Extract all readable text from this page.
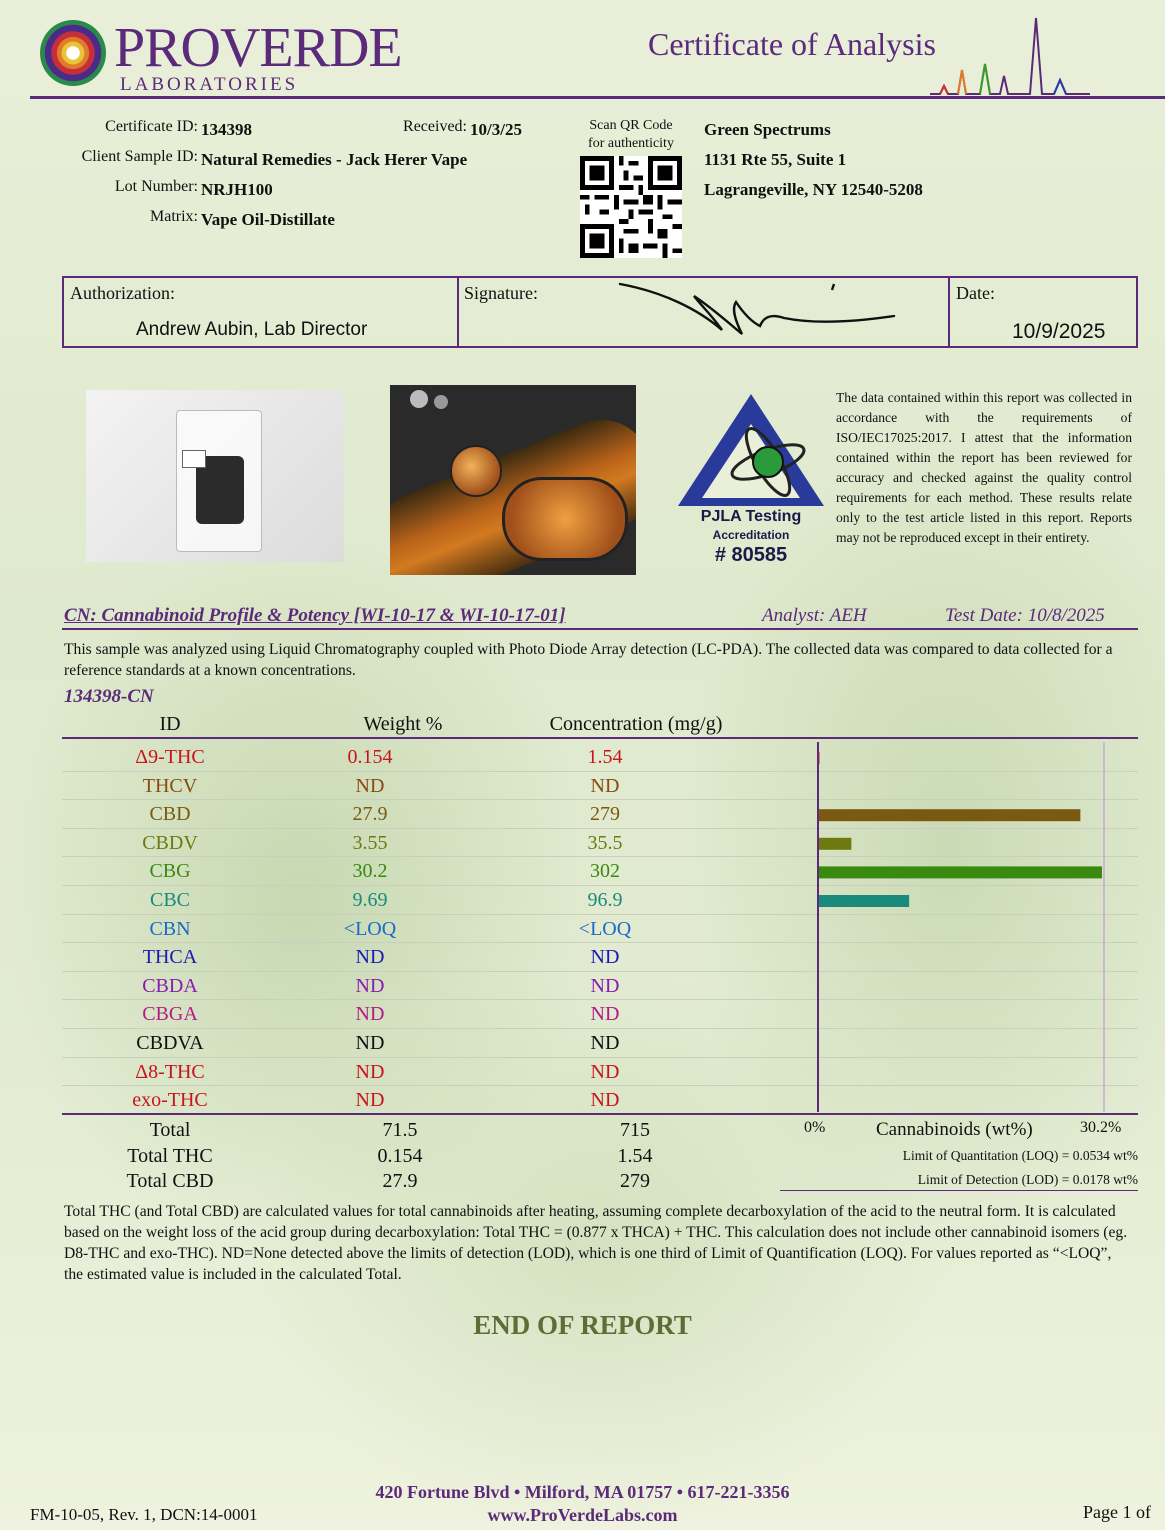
PROVERDE
LABORATORIES
Certificate of Analysis
Certificate ID: 134398	Received: 10/3/25
Client Sample ID: Natural Remedies - Jack Herer Vape
Lot Number: NRJH100
Matrix: Vape Oil-Distillate
Scan QR Code
for authenticity
Green Spectrums
1131 Rte 55, Suite 1
Lagrangeville, NY 12540-5208
Authorization:
Andrew Aubin, Lab Director
Signature:	Date:
10/9/2025
PJLA Testing
Accreditation
# 80585
The data contained within this report was collected in accordance with the requirements of ISO/IEC17025:2017. I attest that the information contained within the report has been reviewed for accuracy and checked against the quality control requirements for each method. These results relate only to the test article listed in this report. Reports may not be reproduced except in their entirety.
CN: Cannabinoid Profile & Potency [WI-10-17 & WI-10-17-01]	Analyst: AEH	Test Date: 10/8/2025
This sample was analyzed using Liquid Chromatography coupled with Photo Diode Array detection (LC-PDA). The collected data was compared to data collected for a reference standards at a known concentrations.
134398-CN
ID	Weight %	Concentration (mg/g)
Δ9-THC	0.154	1.54
THCV	ND	ND
CBD	27.9	279
CBDV	3.55	35.5
CBG	30.2	302
CBC	9.69	96.9
CBN	<LOQ	<LOQ
THCA	ND	ND
CBDA	ND	ND
CBGA	ND	ND
CBDVA	ND	ND
Δ8-THC	ND	ND
exo-THC	ND	ND
Total	71.5	715
Total THC	0.154	1.54
Total CBD	27.9	279
0%	Cannabinoids (wt%)	30.2%
Limit of Quantitation (LOQ) = 0.0534 wt%
Limit of Detection (LOD) = 0.0178 wt%
Total THC (and Total CBD) are calculated values for total cannabinoids after heating, assuming complete decarboxylation of the acid to the neutral form. It is calculated based on the weight loss of the acid group during decarboxylation: Total THC = (0.877 x THCA) + THC. This calculation does not include other cannabinoid isomers (eg. D8-THC and exo-THC). ND=None detected above the limits of detection (LOD), which is one third of Limit of Quantification (LOQ). For values reported as “<LOQ”, the estimated value is included in the calculated Total.
END OF REPORT
420 Fortune Blvd • Milford, MA 01757 • 617-221-3356
www.ProVerdeLabs.com
FM-10-05, Rev. 1, DCN:14-0001	Page 1 of
